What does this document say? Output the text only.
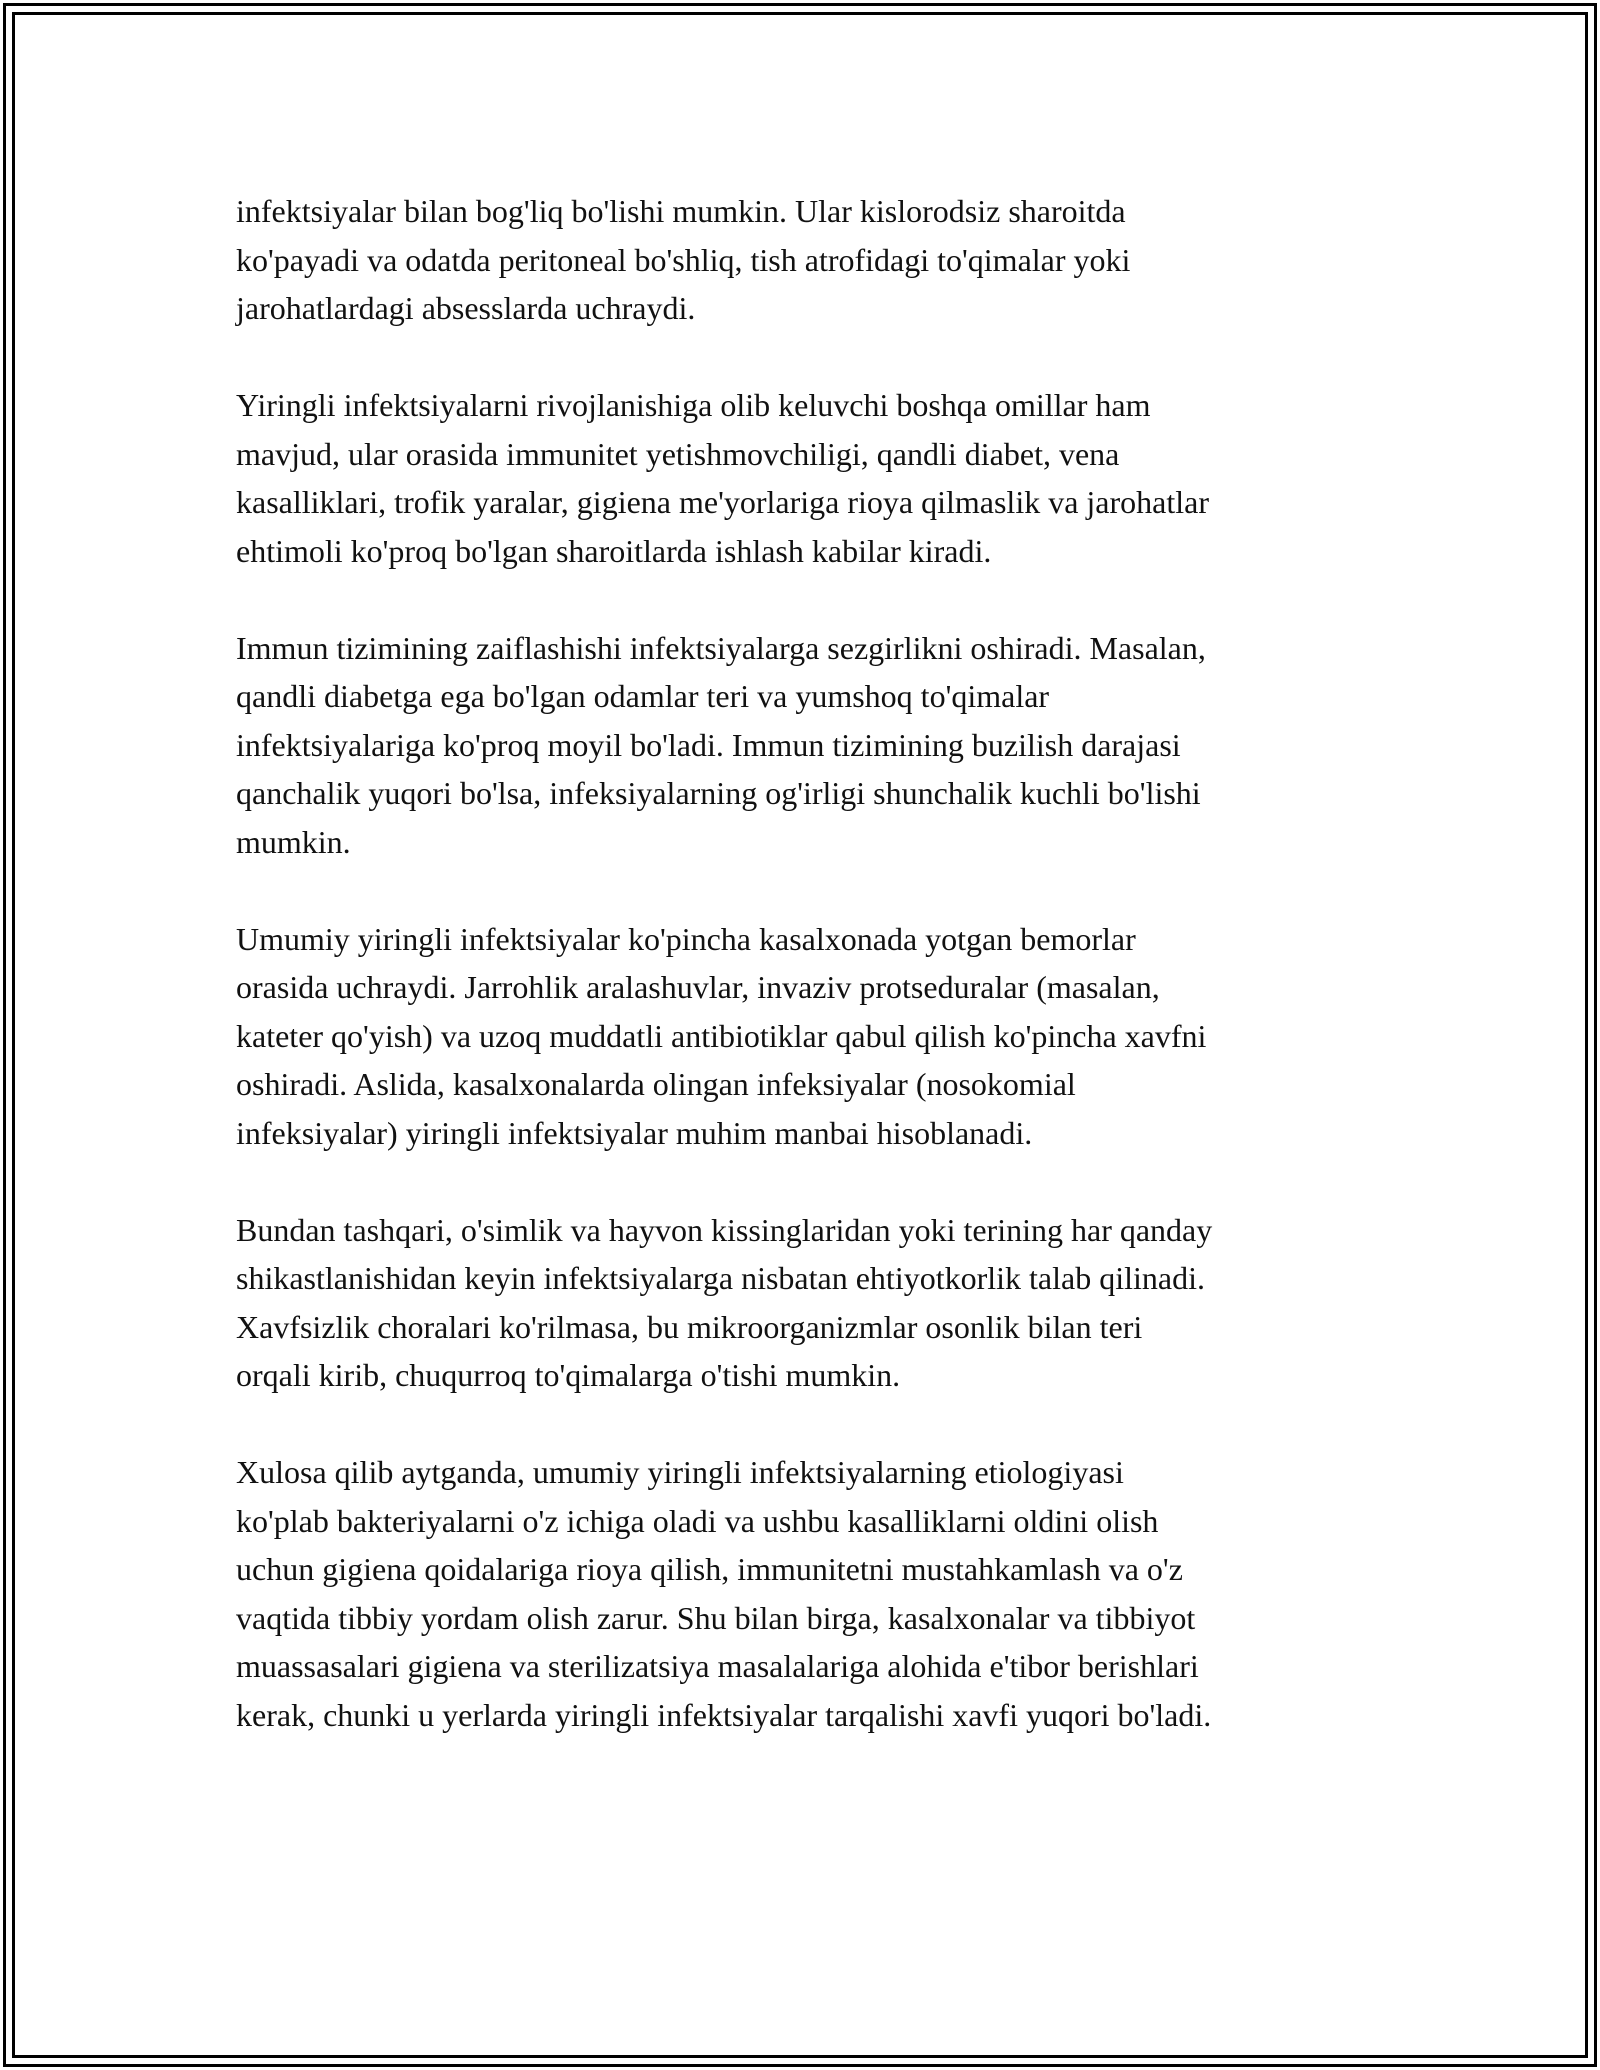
infektsiyalar bilan bog'liq bo'lishi mumkin. Ular kislorodsiz sharoitda
ko'payadi va odatda peritoneal bo'shliq, tish atrofidagi to'qimalar yoki
jarohatlardagi absesslarda uchraydi.

Yiringli infektsiyalarni rivojlanishiga olib keluvchi boshqa omillar ham
mavjud, ular orasida immunitet yetishmovchiligi, qandli diabet, vena
kasalliklari, trofik yaralar, gigiena me'yorlariga rioya qilmaslik va jarohatlar
ehtimoli ko'proq bo'lgan sharoitlarda ishlash kabilar kiradi.

Immun tizimining zaiflashishi infektsiyalarga sezgirlikni oshiradi. Masalan,
qandli diabetga ega bo'lgan odamlar teri va yumshoq to'qimalar
infektsiyalariga ko'proq moyil bo'ladi. Immun tizimining buzilish darajasi
qanchalik yuqori bo'lsa, infeksiyalarning og'irligi shunchalik kuchli bo'lishi
mumkin.

Umumiy yiringli infektsiyalar ko'pincha kasalxonada yotgan bemorlar
orasida uchraydi. Jarrohlik aralashuvlar, invaziv protseduralar (masalan,
kateter qo'yish) va uzoq muddatli antibiotiklar qabul qilish ko'pincha xavfni
oshiradi. Aslida, kasalxonalarda olingan infeksiyalar (nosokomial
infeksiyalar) yiringli infektsiyalar muhim manbai hisoblanadi.

Bundan tashqari, o'simlik va hayvon kissinglaridan yoki terining har qanday
shikastlanishidan keyin infektsiyalarga nisbatan ehtiyotkorlik talab qilinadi.
Xavfsizlik choralari ko'rilmasa, bu mikroorganizmlar osonlik bilan teri
orqali kirib, chuqurroq to'qimalarga o'tishi mumkin.

Xulosa qilib aytganda, umumiy yiringli infektsiyalarning etiologiyasi
ko'plab bakteriyalarni o'z ichiga oladi va ushbu kasalliklarni oldini olish
uchun gigiena qoidalariga rioya qilish, immunitetni mustahkamlash va o'z
vaqtida tibbiy yordam olish zarur. Shu bilan birga, kasalxonalar va tibbiyot
muassasalari gigiena va sterilizatsiya masalalariga alohida e'tibor berishlari
kerak, chunki u yerlarda yiringli infektsiyalar tarqalishi xavfi yuqori bo'ladi.
